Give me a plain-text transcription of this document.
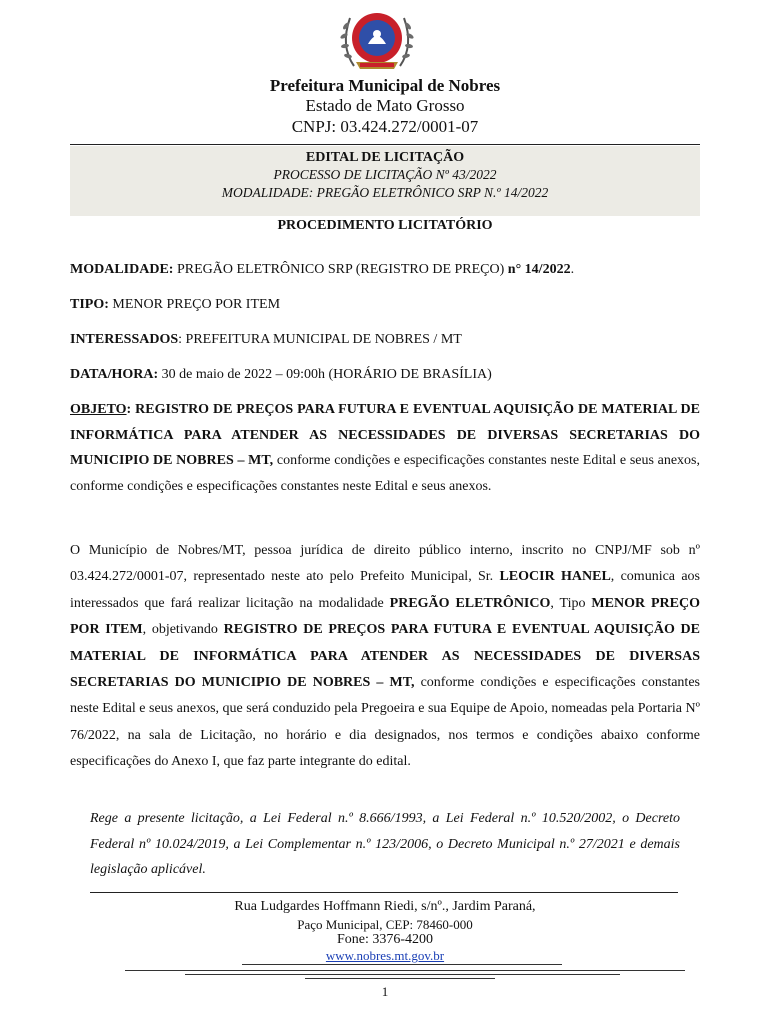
Prefeitura Municipal de Nobres
Estado de Mato Grosso
CNPJ: 03.424.272/0001-07
EDITAL DE LICITAÇÃO
PROCESSO DE LICITAÇÃO Nº 43/2022
MODALIDADE: PREGÃO ELETRÔNICO SRP N.º 14/2022
PROCEDIMENTO LICITATÓRIO
MODALIDADE: PREGÃO ELETRÔNICO SRP (REGISTRO DE PREÇO) n° 14/2022.
TIPO: MENOR PREÇO POR ITEM
INTERESSADOS: PREFEITURA MUNICIPAL DE NOBRES / MT
DATA/HORA: 30 de maio de 2022 – 09:00h (HORÁRIO DE BRASÍLIA)
OBJETO: REGISTRO DE PREÇOS PARA FUTURA E EVENTUAL AQUISIÇÃO DE MATERIAL DE INFORMÁTICA PARA ATENDER AS NECESSIDADES DE DIVERSAS SECRETARIAS DO MUNICIPIO DE NOBRES – MT, conforme condições e especificações constantes neste Edital e seus anexos, conforme condições e especificações constantes neste Edital e seus anexos.
O Município de Nobres/MT, pessoa jurídica de direito público interno, inscrito no CNPJ/MF sob nº 03.424.272/0001-07, representado neste ato pelo Prefeito Municipal, Sr. LEOCIR HANEL, comunica aos interessados que fará realizar licitação na modalidade PREGÃO ELETRÔNICO, Tipo MENOR PREÇO POR ITEM, objetivando REGISTRO DE PREÇOS PARA FUTURA E EVENTUAL AQUISIÇÃO DE MATERIAL DE INFORMÁTICA PARA ATENDER AS NECESSIDADES DE DIVERSAS SECRETARIAS DO MUNICIPIO DE NOBRES – MT, conforme condições e especificações constantes neste Edital e seus anexos, que será conduzido pela Pregoeira e sua Equipe de Apoio, nomeadas pela Portaria Nº 76/2022, na sala de Licitação, no horário e dia designados, nos termos e condições abaixo conforme especificações do Anexo I, que faz parte integrante do edital.
Rege a presente licitação, a Lei Federal n.º 8.666/1993, a Lei Federal n.º 10.520/2002, o Decreto Federal nº 10.024/2019, a Lei Complementar n.º 123/2006, o Decreto Municipal n.º 27/2021 e demais legislação aplicável.
Rua Ludgardes Hoffmann Riedi, s/nº., Jardim Paraná,
Paço Municipal, CEP: 78460-000
Fone: 3376-4200
www.nobres.mt.gov.br
1
